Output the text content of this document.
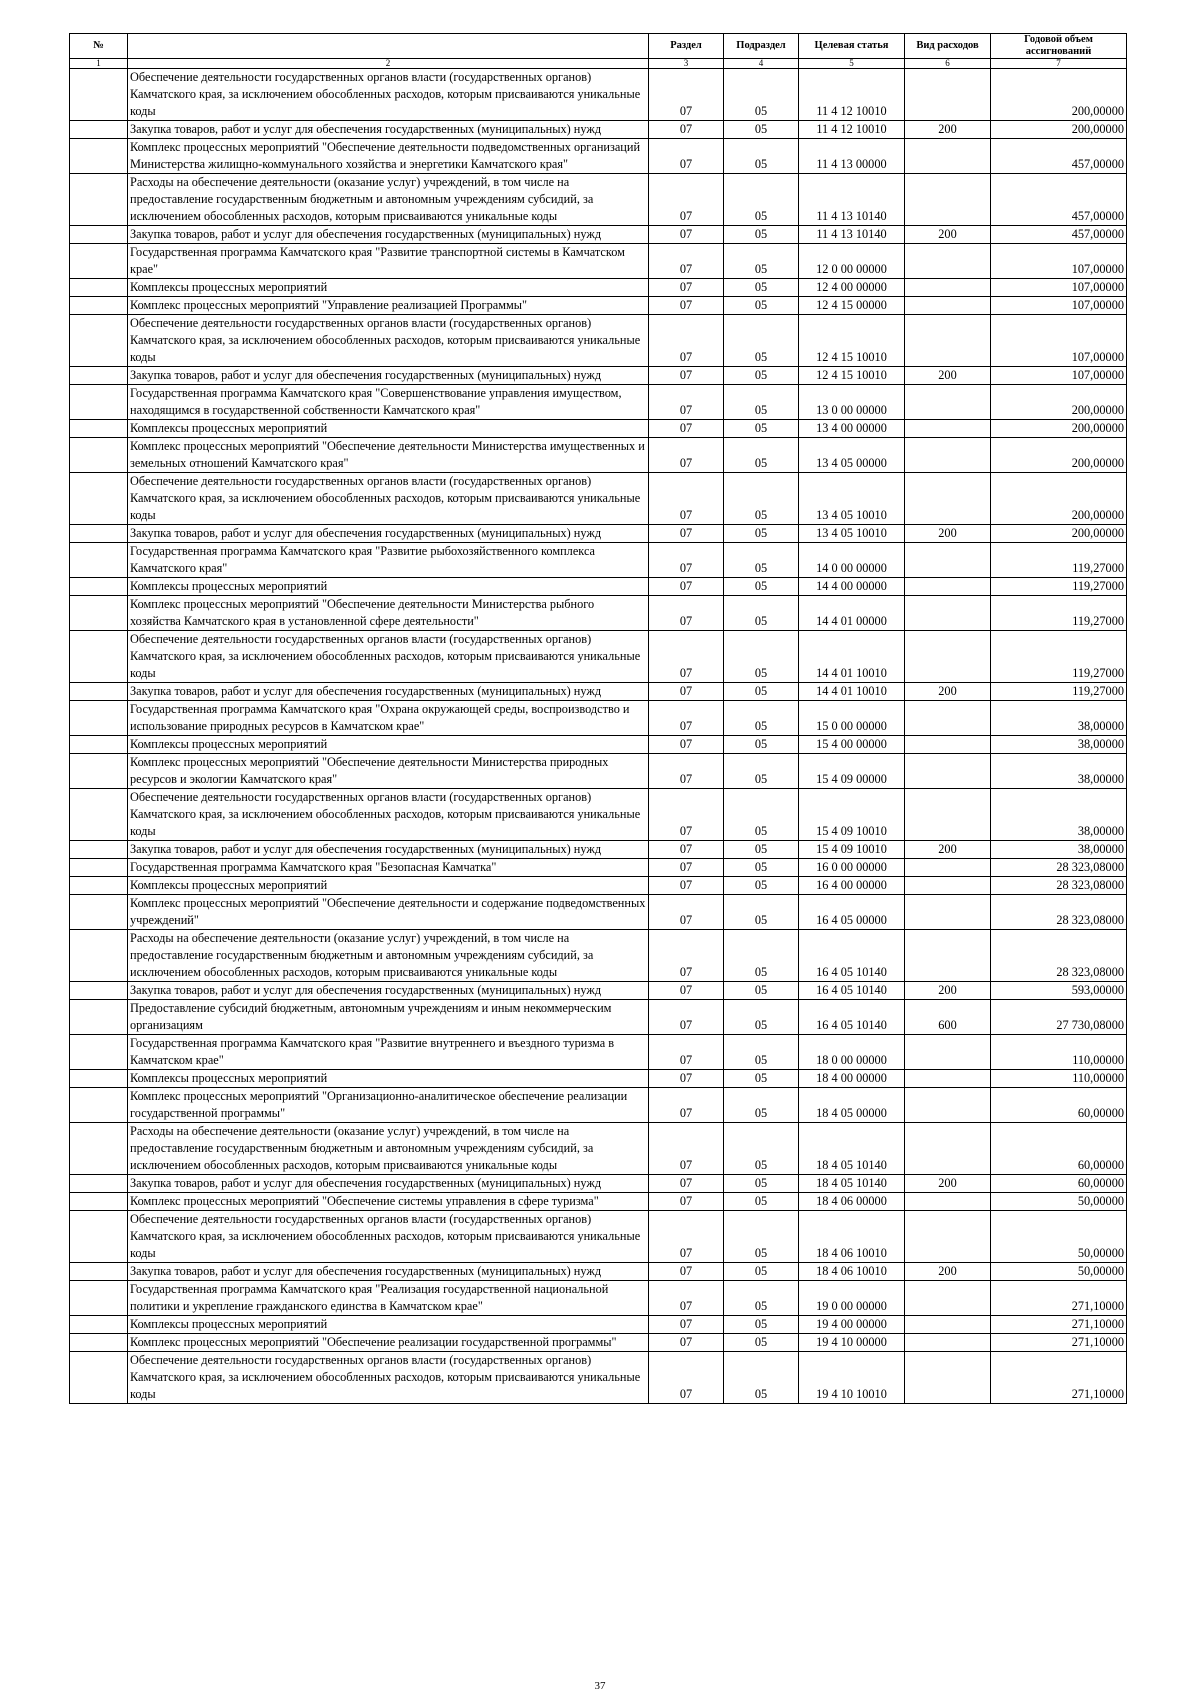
№		Раздел	Подраздел	Целевая статья	Вид расходов	Годовой объем ассигнований
1	2	3	4	5	6	7
	Обеспечение деятельности государственных органов власти (государственных органов) Камчатского края, за исключением обособленных расходов, которым присваиваются уникальные коды	07	05	11 4 12 10010		200,00000
	Закупка товаров, работ и услуг для обеспечения государственных (муниципальных) нужд	07	05	11 4 12 10010	200	200,00000
	Комплекс процессных мероприятий "Обеспечение деятельности подведомственных организаций Министерства жилищно-коммунального хозяйства и энергетики Камчатского края"	07	05	11 4 13 00000		457,00000
	Расходы на обеспечение деятельности (оказание услуг) учреждений, в том числе на предоставление государственным бюджетным и автономным учреждениям субсидий, за исключением обособленных расходов, которым присваиваются уникальные коды	07	05	11 4 13 10140		457,00000
	Закупка товаров, работ и услуг для обеспечения государственных (муниципальных) нужд	07	05	11 4 13 10140	200	457,00000
	Государственная программа Камчатского края "Развитие транспортной системы в Камчатском крае"	07	05	12 0 00 00000		107,00000
	Комплексы процессных мероприятий	07	05	12 4 00 00000		107,00000
	Комплекс процессных мероприятий "Управление реализацией Программы"	07	05	12 4 15 00000		107,00000
	Обеспечение деятельности государственных органов власти (государственных органов) Камчатского края, за исключением обособленных расходов, которым присваиваются уникальные коды	07	05	12 4 15 10010		107,00000
	Закупка товаров, работ и услуг для обеспечения государственных (муниципальных) нужд	07	05	12 4 15 10010	200	107,00000
	Государственная программа Камчатского края "Совершенствование управления имуществом, находящимся в государственной собственности Камчатского края"	07	05	13 0 00 00000		200,00000
	Комплексы процессных мероприятий	07	05	13 4 00 00000		200,00000
	Комплекс процессных мероприятий "Обеспечение деятельности Министерства имущественных и земельных отношений Камчатского края"	07	05	13 4 05 00000		200,00000
	Обеспечение деятельности государственных органов власти (государственных органов) Камчатского края, за исключением обособленных расходов, которым присваиваются уникальные коды	07	05	13 4 05 10010		200,00000
	Закупка товаров, работ и услуг для обеспечения государственных (муниципальных) нужд	07	05	13 4 05 10010	200	200,00000
	Государственная программа Камчатского края "Развитие рыбохозяйственного комплекса Камчатского края"	07	05	14 0 00 00000		119,27000
	Комплексы процессных мероприятий	07	05	14 4 00 00000		119,27000
	Комплекс процессных мероприятий "Обеспечение деятельности Министерства рыбного хозяйства Камчатского края в установленной сфере деятельности"	07	05	14 4 01 00000		119,27000
	Обеспечение деятельности государственных органов власти (государственных органов) Камчатского края, за исключением обособленных расходов, которым присваиваются уникальные коды	07	05	14 4 01 10010		119,27000
	Закупка товаров, работ и услуг для обеспечения государственных (муниципальных) нужд	07	05	14 4 01 10010	200	119,27000
	Государственная программа Камчатского края "Охрана окружающей среды, воспроизводство и использование природных ресурсов в Камчатском крае"	07	05	15 0 00 00000		38,00000
	Комплексы процессных мероприятий	07	05	15 4 00 00000		38,00000
	Комплекс процессных мероприятий "Обеспечение деятельности Министерства природных ресурсов и экологии Камчатского края"	07	05	15 4 09 00000		38,00000
	Обеспечение деятельности государственных органов власти (государственных органов) Камчатского края, за исключением обособленных расходов, которым присваиваются уникальные коды	07	05	15 4 09 10010		38,00000
	Закупка товаров, работ и услуг для обеспечения государственных (муниципальных) нужд	07	05	15 4 09 10010	200	38,00000
	Государственная программа Камчатского края "Безопасная Камчатка"	07	05	16 0 00 00000		28 323,08000
	Комплексы процессных мероприятий	07	05	16 4 00 00000		28 323,08000
	Комплекс процессных мероприятий "Обеспечение деятельности и содержание подведомственных учреждений"	07	05	16 4 05 00000		28 323,08000
	Расходы на обеспечение деятельности (оказание услуг) учреждений, в том числе на предоставление государственным бюджетным и автономным учреждениям субсидий, за исключением обособленных расходов, которым присваиваются уникальные коды	07	05	16 4 05 10140		28 323,08000
	Закупка товаров, работ и услуг для обеспечения государственных (муниципальных) нужд	07	05	16 4 05 10140	200	593,00000
	Предоставление субсидий бюджетным, автономным учреждениям и иным некоммерческим организациям	07	05	16 4 05 10140	600	27 730,08000
	Государственная программа Камчатского края "Развитие внутреннего и въездного туризма в Камчатском крае"	07	05	18 0 00 00000		110,00000
	Комплексы процессных мероприятий	07	05	18 4 00 00000		110,00000
	Комплекс процессных мероприятий "Организационно-аналитическое обеспечение реализации государственной программы"	07	05	18 4 05 00000		60,00000
	Расходы на обеспечение деятельности (оказание услуг) учреждений, в том числе на предоставление государственным бюджетным и автономным учреждениям субсидий, за исключением обособленных расходов, которым присваиваются уникальные коды	07	05	18 4 05 10140		60,00000
	Закупка товаров, работ и услуг для обеспечения государственных (муниципальных) нужд	07	05	18 4 05 10140	200	60,00000
	Комплекс процессных мероприятий "Обеспечение системы управления в сфере туризма"	07	05	18 4 06 00000		50,00000
	Обеспечение деятельности государственных органов власти (государственных органов) Камчатского края, за исключением обособленных расходов, которым присваиваются уникальные коды	07	05	18 4 06 10010		50,00000
	Закупка товаров, работ и услуг для обеспечения государственных (муниципальных) нужд	07	05	18 4 06 10010	200	50,00000
	Государственная программа Камчатского края "Реализация государственной национальной политики и укрепление гражданского единства в Камчатском крае"	07	05	19 0 00 00000		271,10000
	Комплексы процессных мероприятий	07	05	19 4 00 00000		271,10000
	Комплекс процессных мероприятий "Обеспечение реализации государственной программы"	07	05	19 4 10 00000		271,10000
	Обеспечение деятельности государственных органов власти (государственных органов) Камчатского края, за исключением обособленных расходов, которым присваиваются уникальные коды	07	05	19 4 10 10010		271,10000
37
